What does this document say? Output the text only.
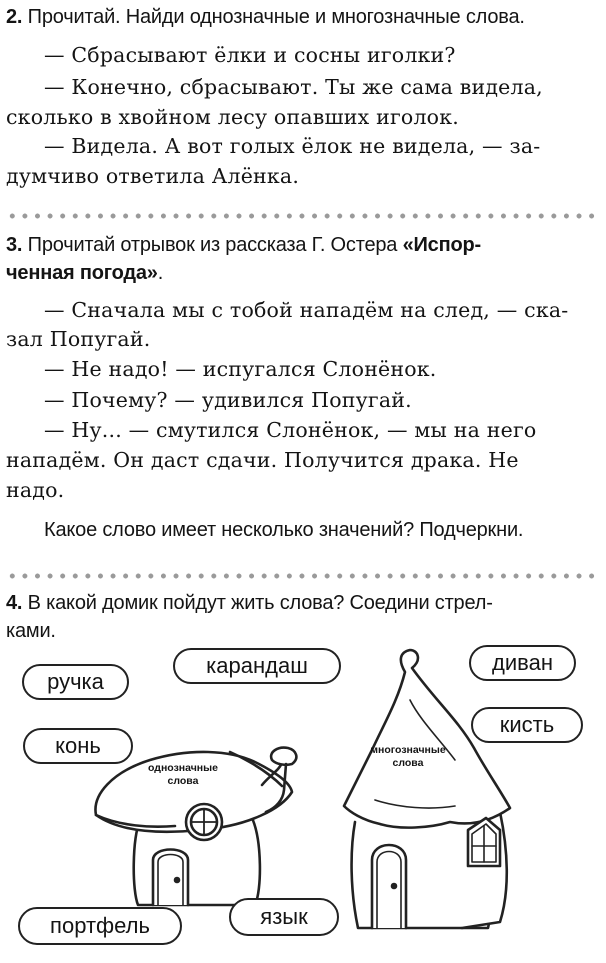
2. Прочитай. Найди однозначные и многозначные слова.
— Сбрасывают ёлки и сосны иголки?
— Конечно, сбрасывают. Ты же сама видела,
сколько в хвойном лесу опавших иголок.
— Видела. А вот голых ёлок не видела, — за-
думчиво ответила Алёнка.
3. Прочитай отрывок из рассказа Г. Остера «Испор-
ченная погода».
— Сначала мы с тобой нападём на след, — ска-
зал Попугай.
— Не надо! — испугался Слонёнок.
— Почему? — удивился Попугай.
— Ну... — смутился Слонёнок, — мы на него
нападём. Он даст сдачи. Получится драка. Не
надо.
Какое слово имеет несколько значений? Подчеркни.
4. В какой домик пойдут жить слова? Соедини стрел-
ками.
однозначные слова
многозначные слова
ручка
карандаш	диван
конь
кисть
портфель	язык
